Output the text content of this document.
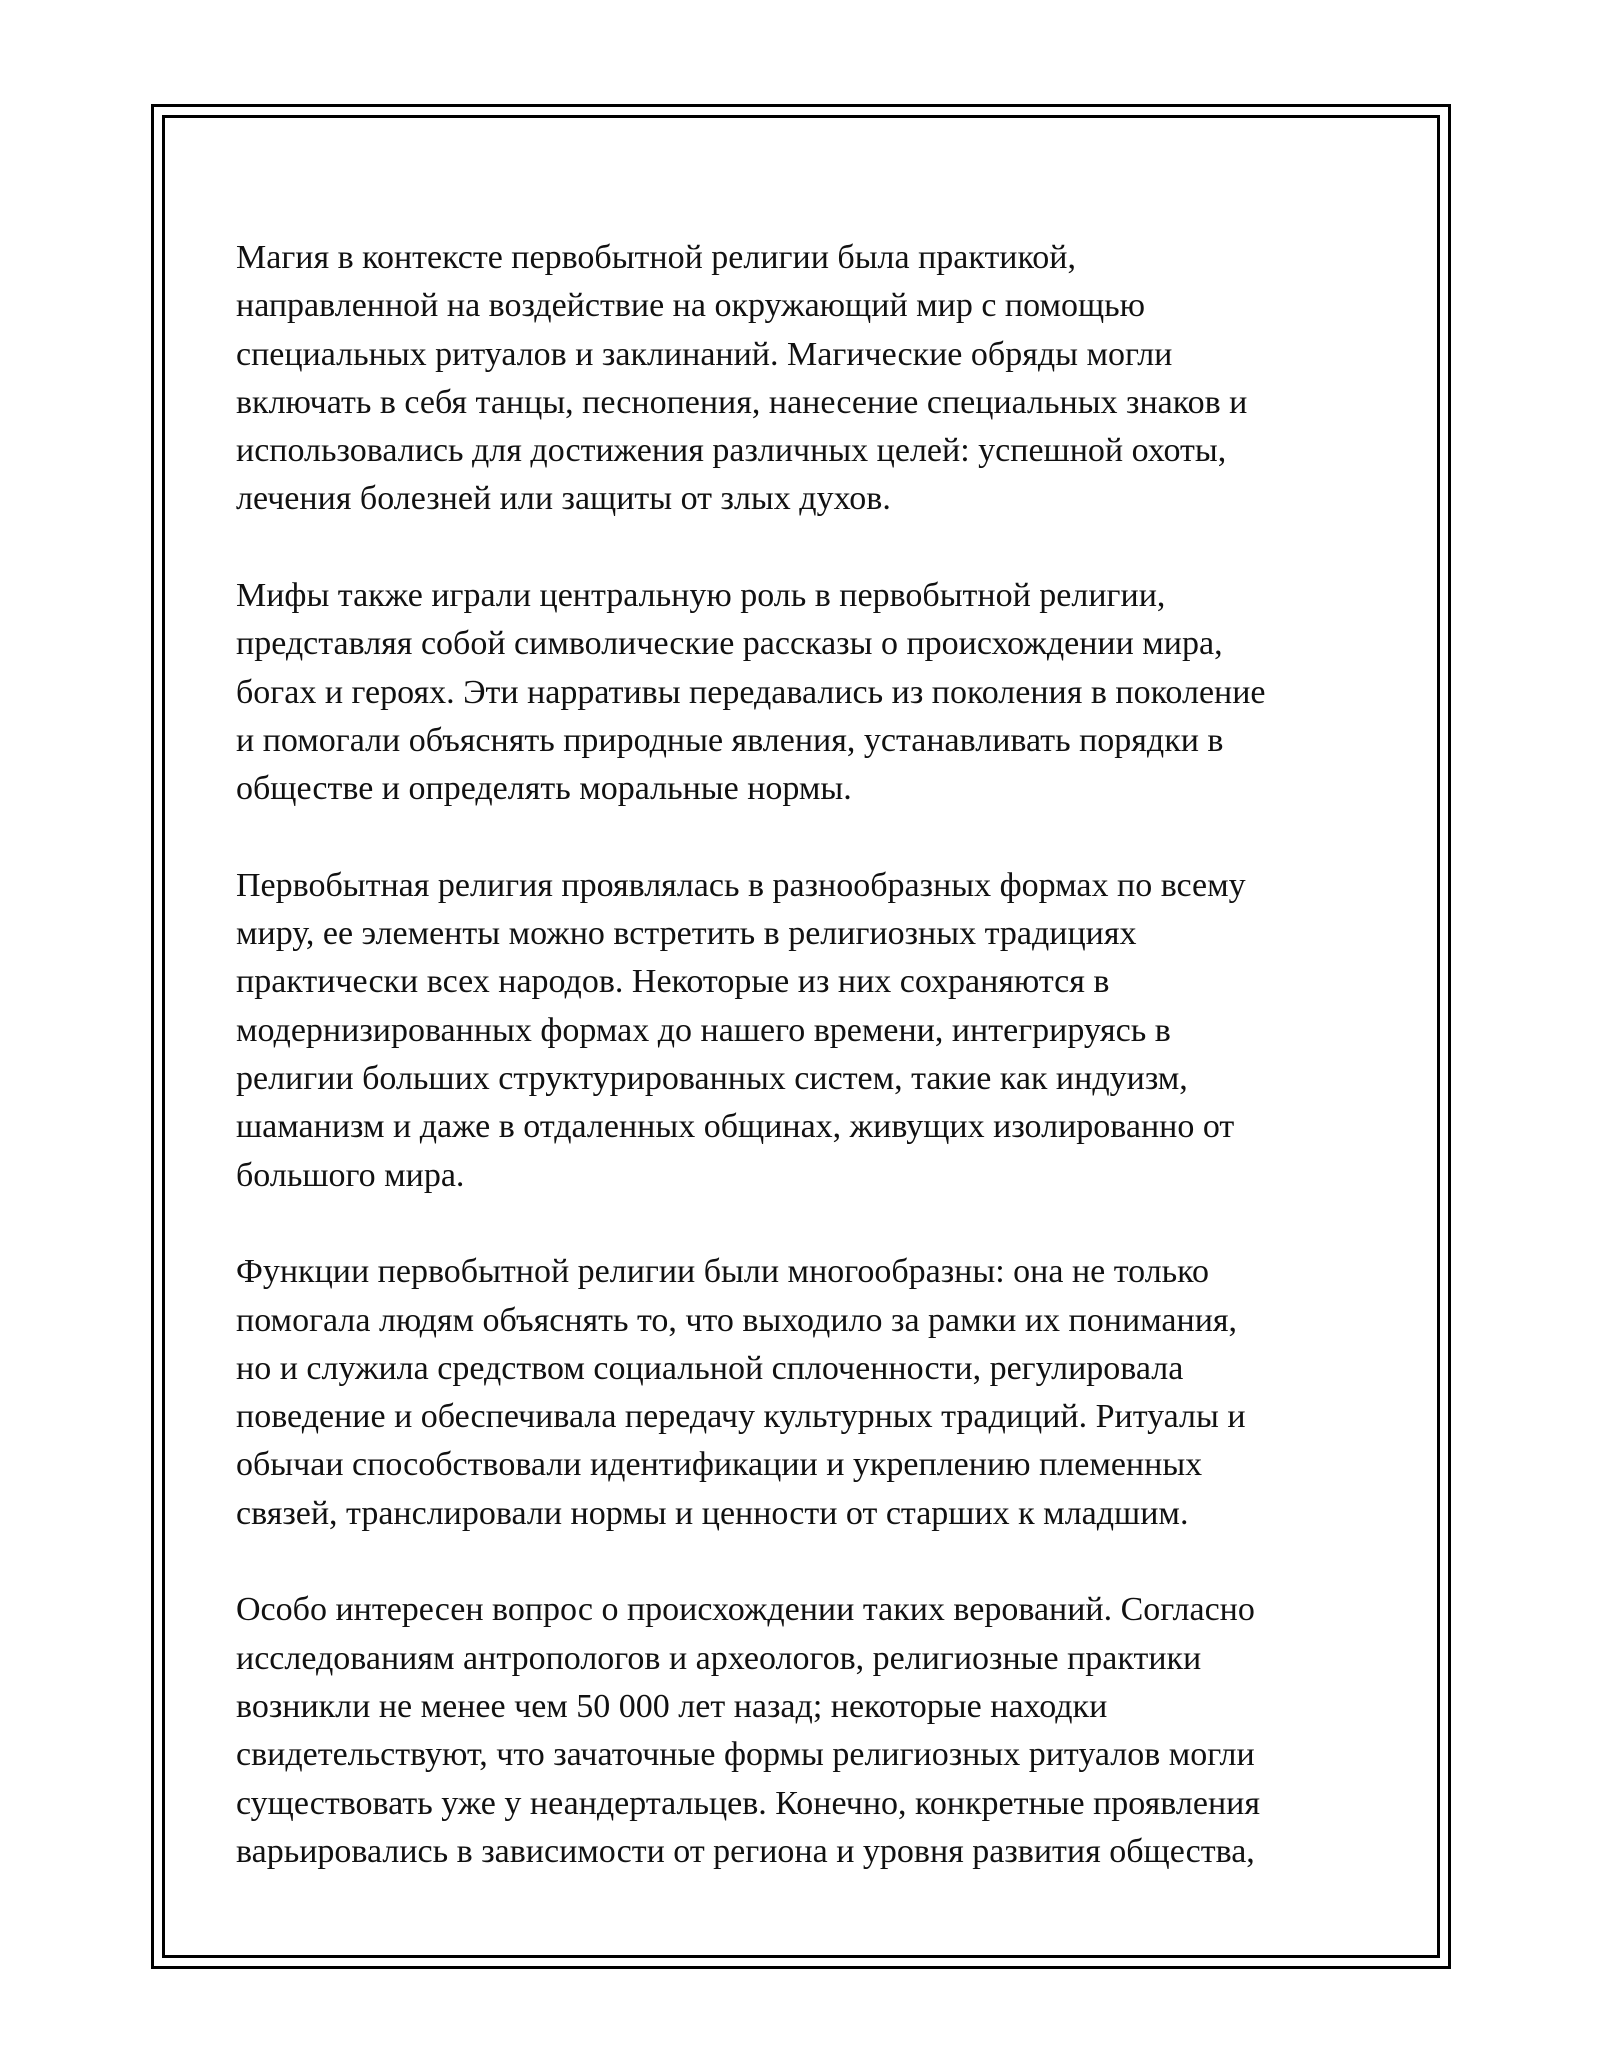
Магия в контексте первобытной религии была практикой,
направленной на воздействие на окружающий мир с помощью
специальных ритуалов и заклинаний. Магические обряды могли
включать в себя танцы, песнопения, нанесение специальных знаков и
использовались для достижения различных целей: успешной охоты,
лечения болезней или защиты от злых духов.

Мифы также играли центральную роль в первобытной религии,
представляя собой символические рассказы о происхождении мира,
богах и героях. Эти нарративы передавались из поколения в поколение
и помогали объяснять природные явления, устанавливать порядки в
обществе и определять моральные нормы.

Первобытная религия проявлялась в разнообразных формах по всему
миру, ее элементы можно встретить в религиозных традициях
практически всех народов. Некоторые из них сохраняются в
модернизированных формах до нашего времени, интегрируясь в
религии больших структурированных систем, такие как индуизм,
шаманизм и даже в отдаленных общинах, живущих изолированно от
большого мира.

Функции первобытной религии были многообразны: она не только
помогала людям объяснять то, что выходило за рамки их понимания,
но и служила средством социальной сплоченности, регулировала
поведение и обеспечивала передачу культурных традиций. Ритуалы и
обычаи способствовали идентификации и укреплению племенных
связей, транслировали нормы и ценности от старших к младшим.

Особо интересен вопрос о происхождении таких верований. Согласно
исследованиям антропологов и археологов, религиозные практики
возникли не менее чем 50 000 лет назад; некоторые находки
свидетельствуют, что зачаточные формы религиозных ритуалов могли
существовать уже у неандертальцев. Конечно, конкретные проявления
варьировались в зависимости от региона и уровня развития общества,
